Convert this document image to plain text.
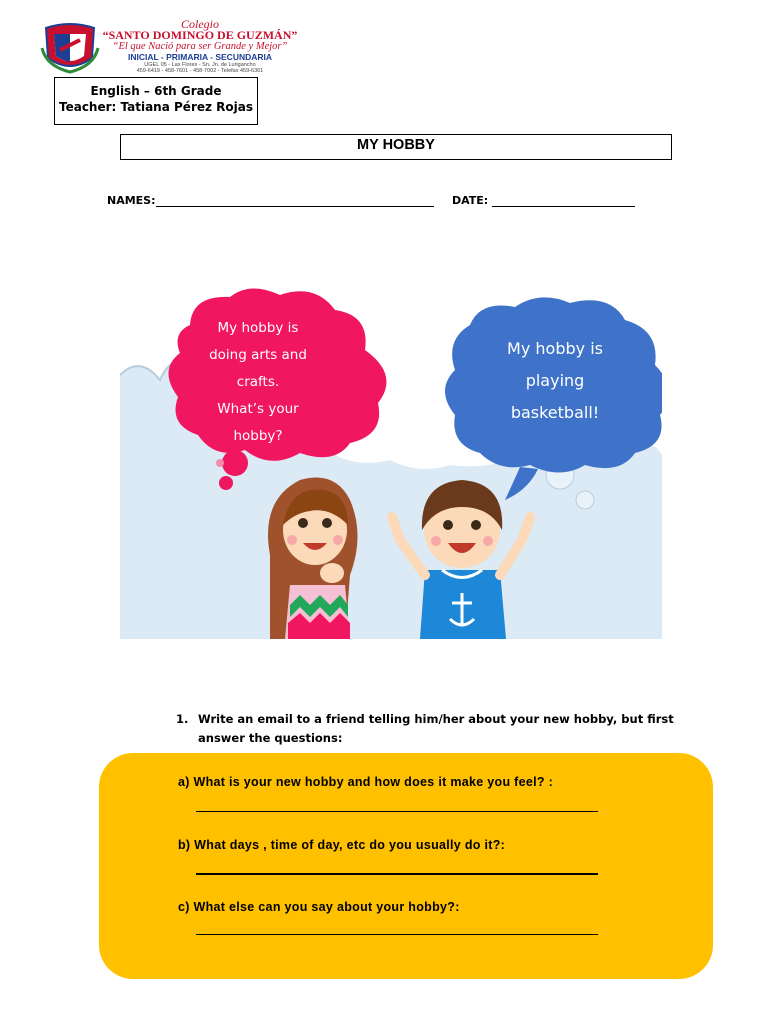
Colegio
“SANTO DOMINGO DE GUZMÁN”
“El que Nació para ser Grande y Mejor”
INICIAL - PRIMARIA - SECUNDARIA
UGEL 05 - Las Flores - Sn. Jn. de Lurigancho
459-6419 - 458-7601 - 458-7002 - Telefax 459-6361
English – 6th Grade
Teacher: Tatiana Pérez Rojas
MY HOBBY
NAMES:	DATE:
My hobby is
doing arts and
crafts.
What’s your
hobby?
My hobby is
playing
basketball!
1. Write an email to a friend telling him/her about your new hobby, but first
answer the questions:
a) What is your new hobby and how does it make you feel? :
b) What days , time of day, etc do you usually do it?:
c) What else can you say about your hobby?:
